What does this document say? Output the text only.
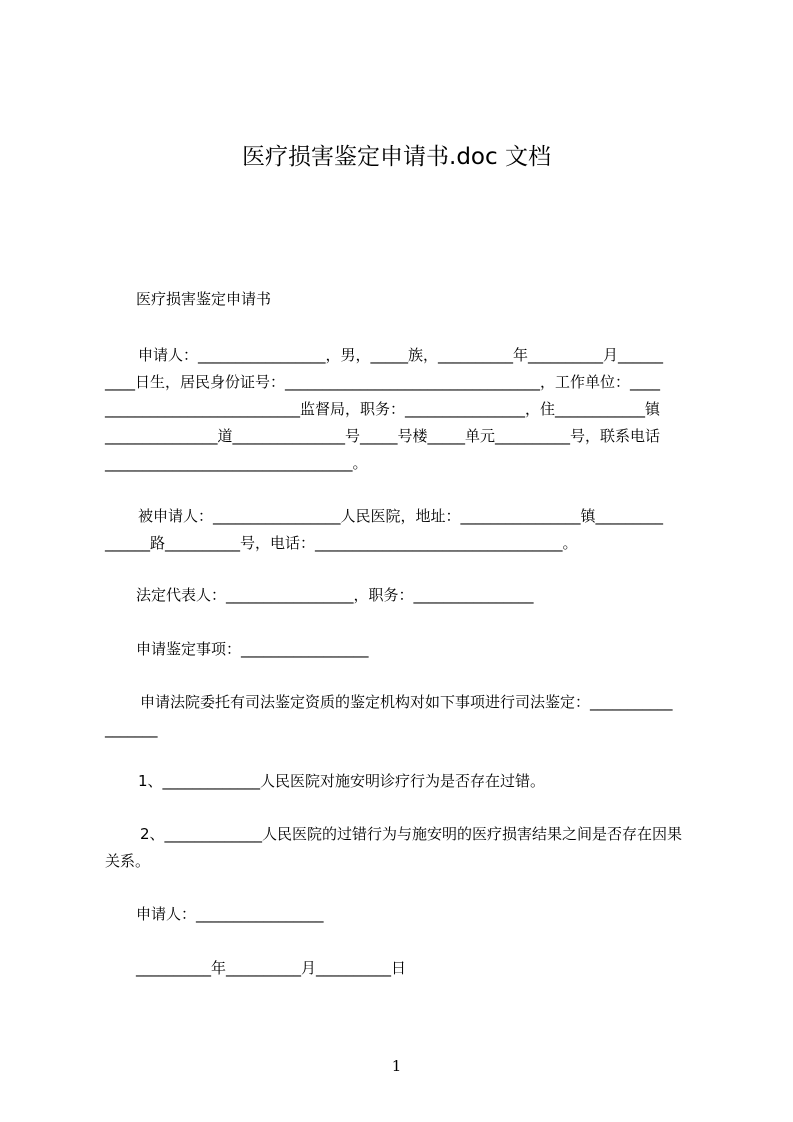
医疗损害鉴定申请书.doc 文档
医疗损害鉴定申请书
申请人：_________________，男，_____族，__________年__________月______
____日生，居民身份证号：__________________________________，工作单位：____
__________________________监督局，职务：________________，住____________镇
_______________道_______________号_____号楼_____单元__________号，联系电话
_________________________________。
被申请人：_________________人民医院，地址：________________镇_________
______路__________号，电话：_________________________________。
法定代表人：_________________，职务：________________
申请鉴定事项：_________________
申请法院委托有司法鉴定资质的鉴定机构对如下事项进行司法鉴定：___________
_______
1、_____________人民医院对施安明诊疗行为是否存在过错。
2、_____________人民医院的过错行为与施安明的医疗损害结果之间是否存在因果
关系。
申请人：_________________
__________年__________月__________日
1
